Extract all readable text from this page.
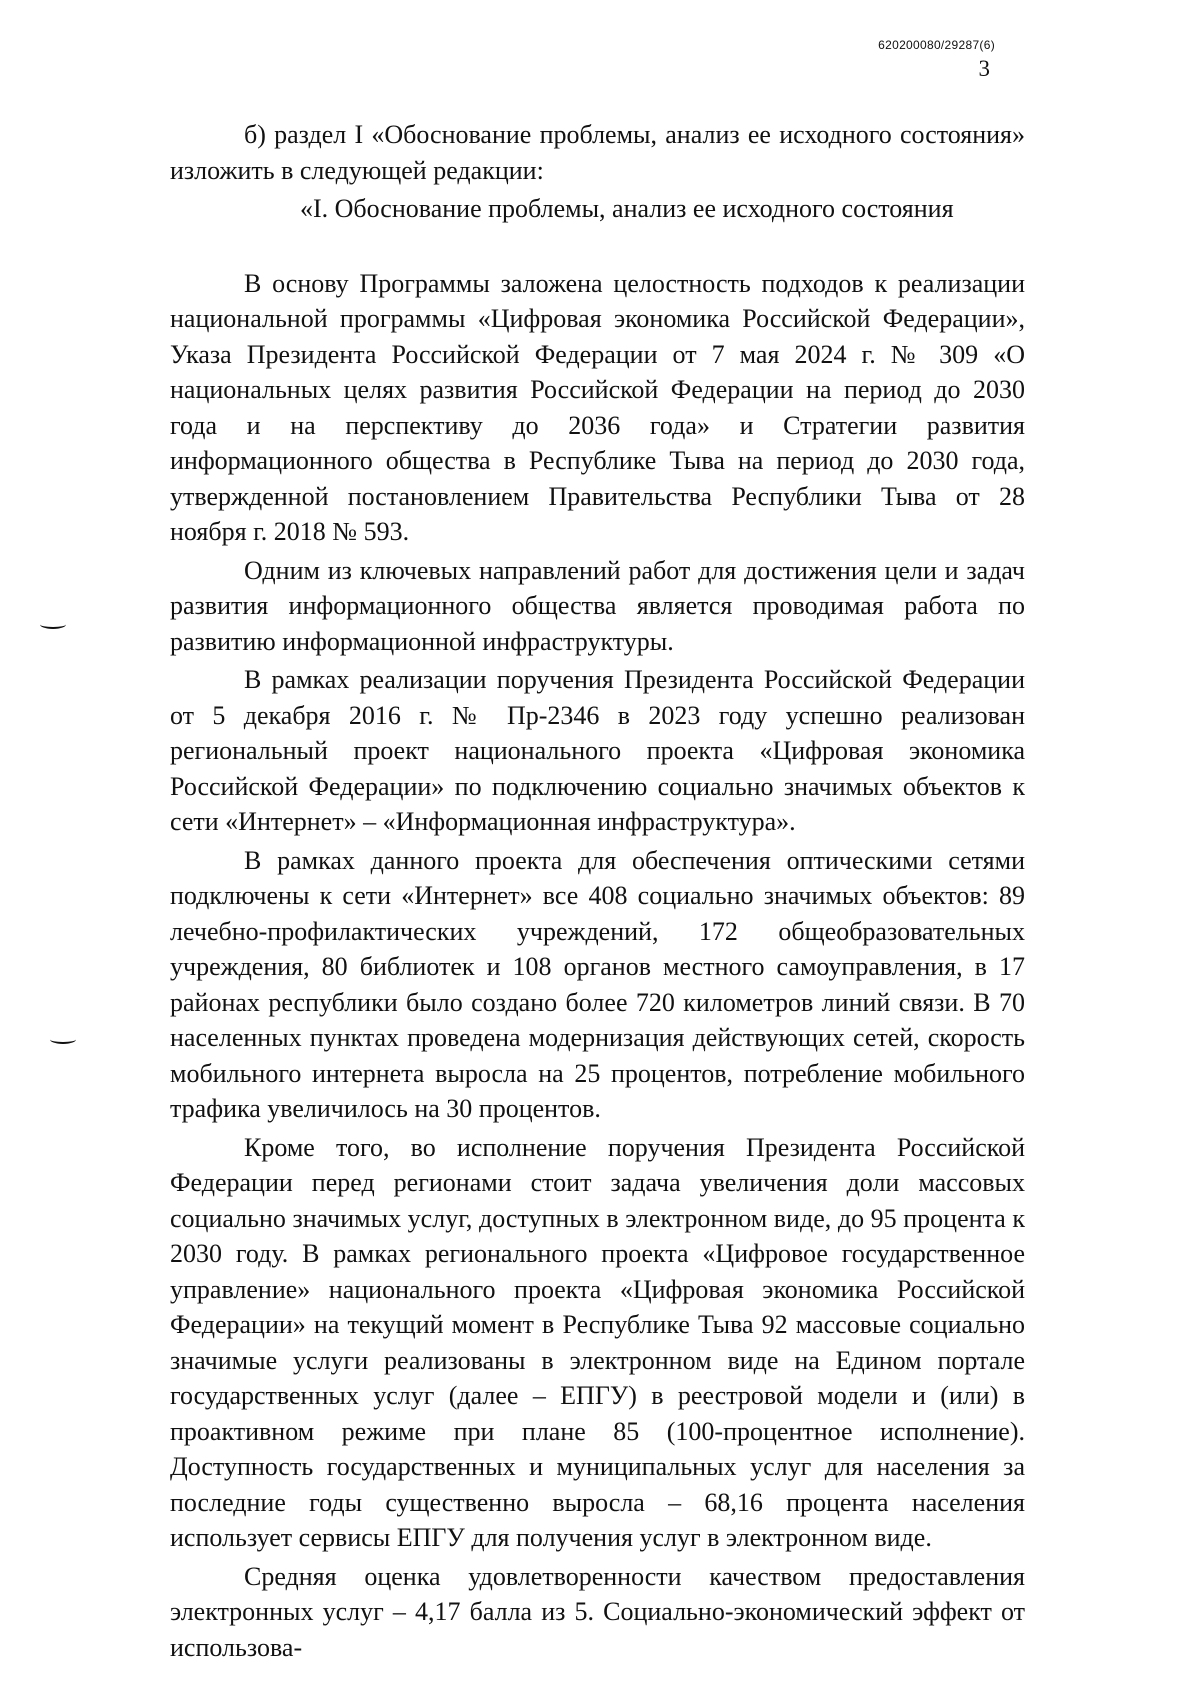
620200080/29287(6)
3

б) раздел I «Обоснование проблемы, анализ ее исходного состояния» изложить в следующей редакции:

«I. Обоснование проблемы, анализ ее исходного состояния

В основу Программы заложена целостность подходов к реализации национальной программы «Цифровая экономика Российской Федерации», Указа Президента Российской Федерации от 7 мая 2024 г. № 309 «О национальных целях развития Российской Федерации на период до 2030 года и на перспективу до 2036 года» и Стратегии развития информационного общества в Республике Тыва на период до 2030 года, утвержденной постановлением Правительства Республики Тыва от 28 ноября г. 2018 № 593.

Одним из ключевых направлений работ для достижения цели и задач развития информационного общества является проводимая работа по развитию информационной инфраструктуры.

В рамках реализации поручения Президента Российской Федерации от 5 декабря 2016 г. № Пр-2346 в 2023 году успешно реализован региональный проект национального проекта «Цифровая экономика Российской Федерации» по подключению социально значимых объектов к сети «Интернет» – «Информационная инфраструктура».

В рамках данного проекта для обеспечения оптическими сетями подключены к сети «Интернет» все 408 социально значимых объектов: 89 лечебно-профилактических учреждений, 172 общеобразовательных учреждения, 80 библиотек и 108 органов местного самоуправления, в 17 районах республики было создано более 720 километров линий связи. В 70 населенных пунктах проведена модернизация действующих сетей, скорость мобильного интернета выросла на 25 процентов, потребление мобильного трафика увеличилось на 30 процентов.

Кроме того, во исполнение поручения Президента Российской Федерации перед регионами стоит задача увеличения доли массовых социально значимых услуг, доступных в электронном виде, до 95 процента к 2030 году. В рамках регионального проекта «Цифровое государственное управление» национального проекта «Цифровая экономика Российской Федерации» на текущий момент в Республике Тыва 92 массовые социально значимые услуги реализованы в электронном виде на Едином портале государственных услуг (далее – ЕПГУ) в реестровой модели и (или) в проактивном режиме при плане 85 (100-процентное исполнение). Доступность государственных и муниципальных услуг для населения за последние годы существенно выросла – 68,16 процента населения использует сервисы ЕПГУ для получения услуг в электронном виде.

Средняя оценка удовлетворенности качеством предоставления электронных услуг – 4,17 балла из 5. Социально-экономический эффект от использова-
